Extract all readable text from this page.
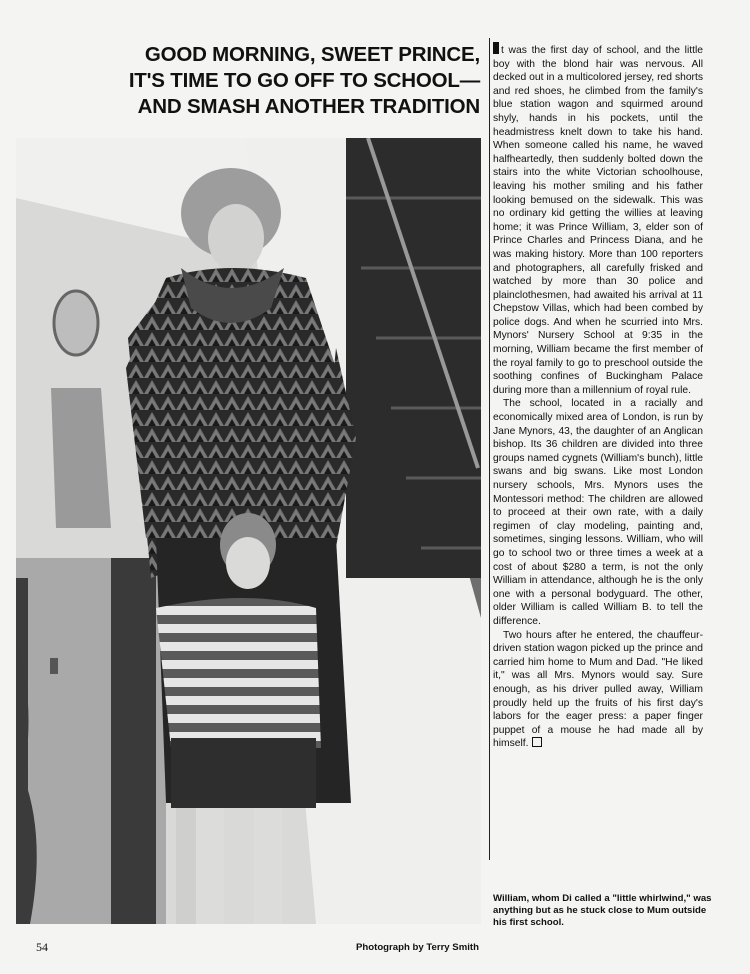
GOOD MORNING, SWEET PRINCE,
IT'S TIME TO GO OFF TO SCHOOL—
AND SMASH ANOTHER TRADITION

t was the first day of school, and the little boy with the blond hair was nervous. All decked out in a multicolored jersey, red shorts and red shoes, he climbed from the family's blue station wagon and squirmed around shyly, hands in his pockets, until the headmistress knelt down to take his hand. When someone called his name, he waved halfheartedly, then suddenly bolted down the stairs into the white Victorian schoolhouse, leaving his mother smiling and his father looking bemused on the sidewalk. This was no ordinary kid getting the willies at leaving home; it was Prince William, 3, elder son of Prince Charles and Princess Diana, and he was making history. More than 100 reporters and photographers, all carefully frisked and watched by more than 30 police and plainclothesmen, had awaited his arrival at 11 Chepstow Villas, which had been combed by police dogs. And when he scurried into Mrs. Mynors' Nursery School at 9:35 in the morning, William became the first member of the royal family to go to preschool outside the soothing confines of Buckingham Palace during more than a millennium of royal rule.

The school, located in a racially and economically mixed area of London, is run by Jane Mynors, 43, the daughter of an Anglican bishop. Its 36 children are divided into three groups named cygnets (William's bunch), little swans and big swans. Like most London nursery schools, Mrs. Mynors uses the Montessori method: The children are allowed to proceed at their own rate, with a daily regimen of clay modeling, painting and, sometimes, singing lessons. William, who will go to school two or three times a week at a cost of about $280 a term, is not the only William in attendance, although he is the only one with a personal bodyguard. The other, older William is called William B. to tell the difference.

Two hours after he entered, the chauffeur-driven station wagon picked up the prince and carried him home to Mum and Dad. "He liked it," was all Mrs. Mynors would say. Sure enough, as his driver pulled away, William proudly held up the fruits of his first day's labors for the eager press: a paper finger puppet of a mouse he had made all by himself.

William, whom Di called a "little whirlwind," was anything but as he stuck close to Mum outside his first school.
54	Photograph by Terry Smith
